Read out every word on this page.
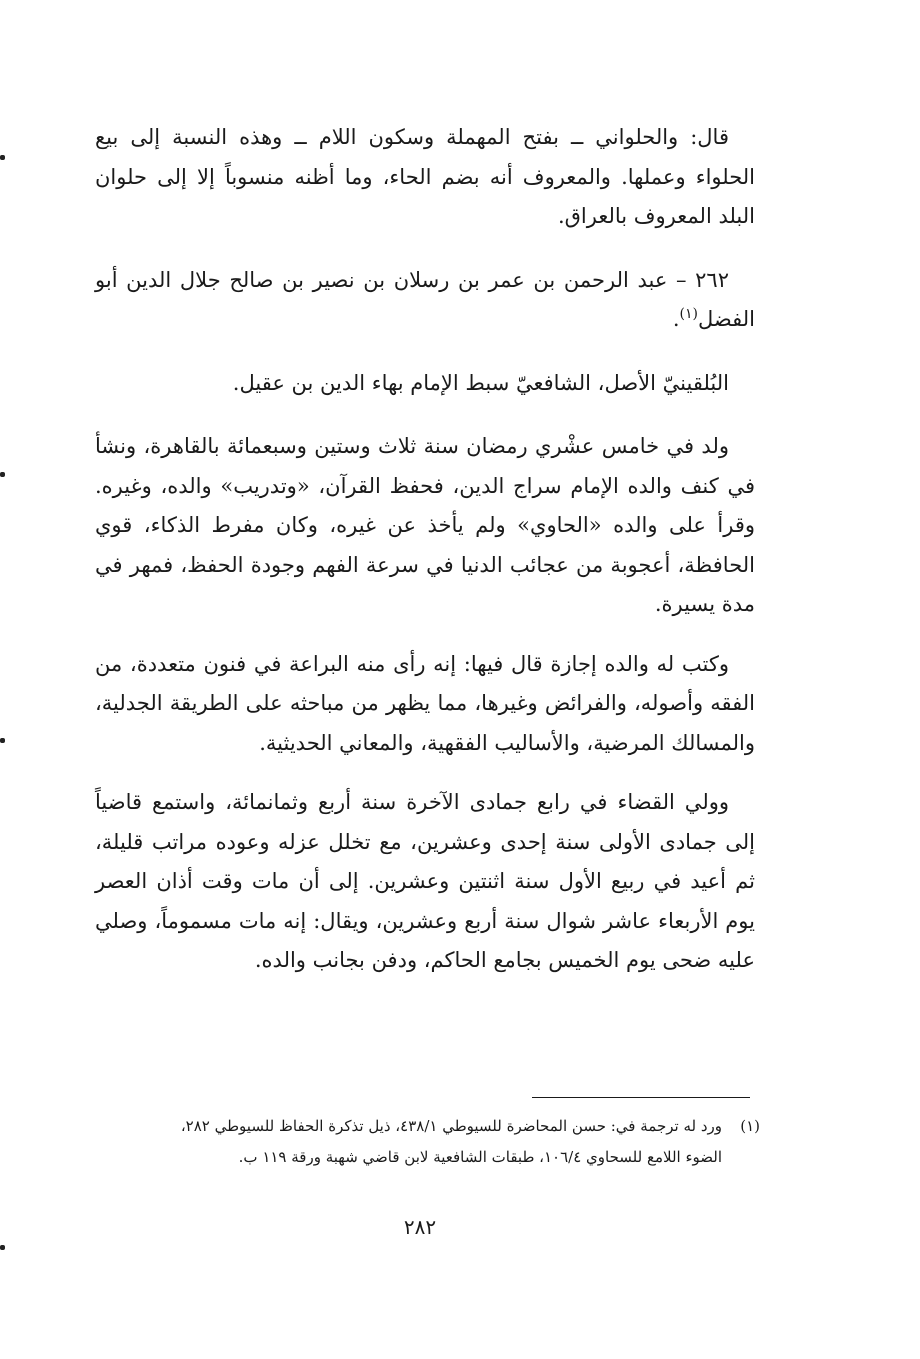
قال: والحلواني ــ بفتح المهملة وسكون اللام ــ وهذه النسبة إلى بيع الحلواء وعملها. والمعروف أنه بضم الحاء، وما أظنه منسوباً إلا إلى حلوان البلد المعروف بالعراق.

٢٦٢ – عبد الرحمن بن عمر بن رسلان بن نصير بن صالح جلال الدين أبو الفضل$^{(١)}$.

البُلقينيّ الأصل، الشافعيّ سبط الإمام بهاء الدين بن عقيل.

ولد في خامس عشْري رمضان سنة ثلاث وستين وسبعمائة بالقاهرة، ونشأ في كنف والده الإمام سراج الدين، فحفظ القرآن، «وتدريب» والده، وغيره. وقرأ على والده «الحاوي» ولم يأخذ عن غيره، وكان مفرط الذكاء، قوي الحافظة، أعجوبة من عجائب الدنيا في سرعة الفهم وجودة الحفظ، فمهر في مدة يسيرة.

وكتب له والده إجازة قال فيها: إنه رأى منه البراعة في فنون متعددة، من الفقه وأصوله، والفرائض وغيرها، مما يظهر من مباحثه على الطريقة الجدلية، والمسالك المرضية، والأساليب الفقهية، والمعاني الحديثية.

وولي القضاء في رابع جمادى الآخرة سنة أربع وثمانمائة، واستمع قاضياً إلى جمادى الأولى سنة إحدى وعشرين، مع تخلل عزله وعوده مراتب قليلة، ثم أعيد في ربيع الأول سنة اثنتين وعشرين. إلى أن مات وقت أذان العصر يوم الأربعاء عاشر شوال سنة أربع وعشرين، ويقال: إنه مات مسموماً، وصلي عليه ضحى يوم الخميس بجامع الحاكم، ودفن بجانب والده.

(١)ورد له ترجمة في: حسن المحاضرة للسيوطي ٤٣٨/١، ذيل تذكرة الحفاظ للسيوطي ٢٨٢،
الضوء اللامع للسحاوي ١٠٦/٤، طبقات الشافعية لابن قاضي شهبة ورقة ١١٩ ب.
٢٨٢
